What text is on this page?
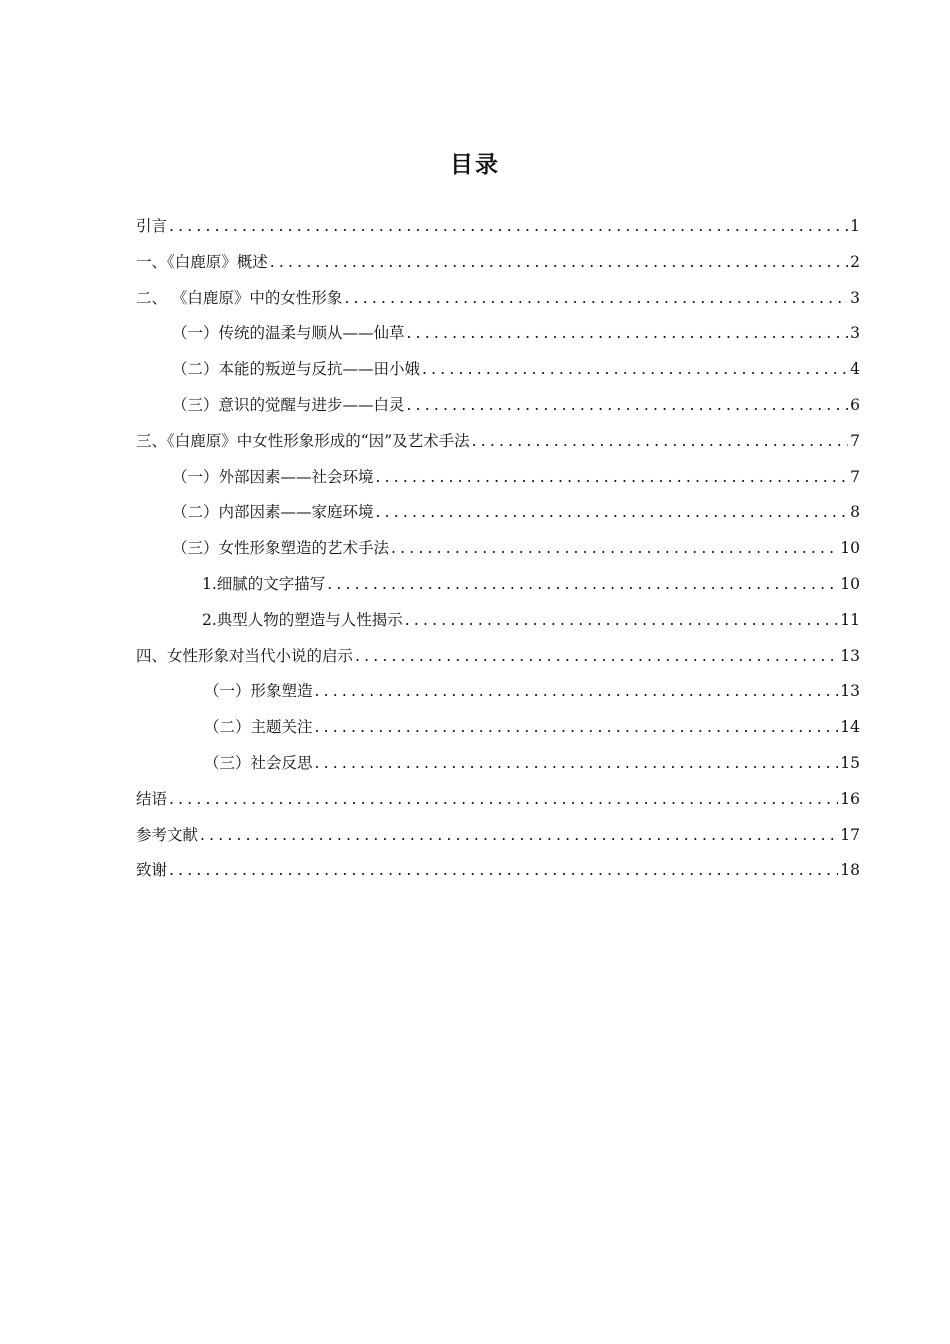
目录
引言 .....	1
一、《白鹿原》概述 .....	2
二、 《白鹿原》中的女性形象 .....	3
（一）传统的温柔与顺从——仙草 .....	3
（二）本能的叛逆与反抗——田小娥 .....	4
（三）意识的觉醒与进步——白灵 .....	6
三、《白鹿原》中女性形象形成的“因”及艺术手法 .....	7
（一）外部因素——社会环境 .....	7
（二）内部因素——家庭环境 .....	8
（三）女性形象塑造的艺术手法 .....	10
1.细腻的文字描写 .....	10
2.典型人物的塑造与人性揭示 .....	11
四、女性形象对当代小说的启示 .....	13
（一）形象塑造 .....	13
（二）主题关注 .....	14
（三）社会反思 .....	15
结语 .....	16
参考文献 .....	17
致谢 .....	18
